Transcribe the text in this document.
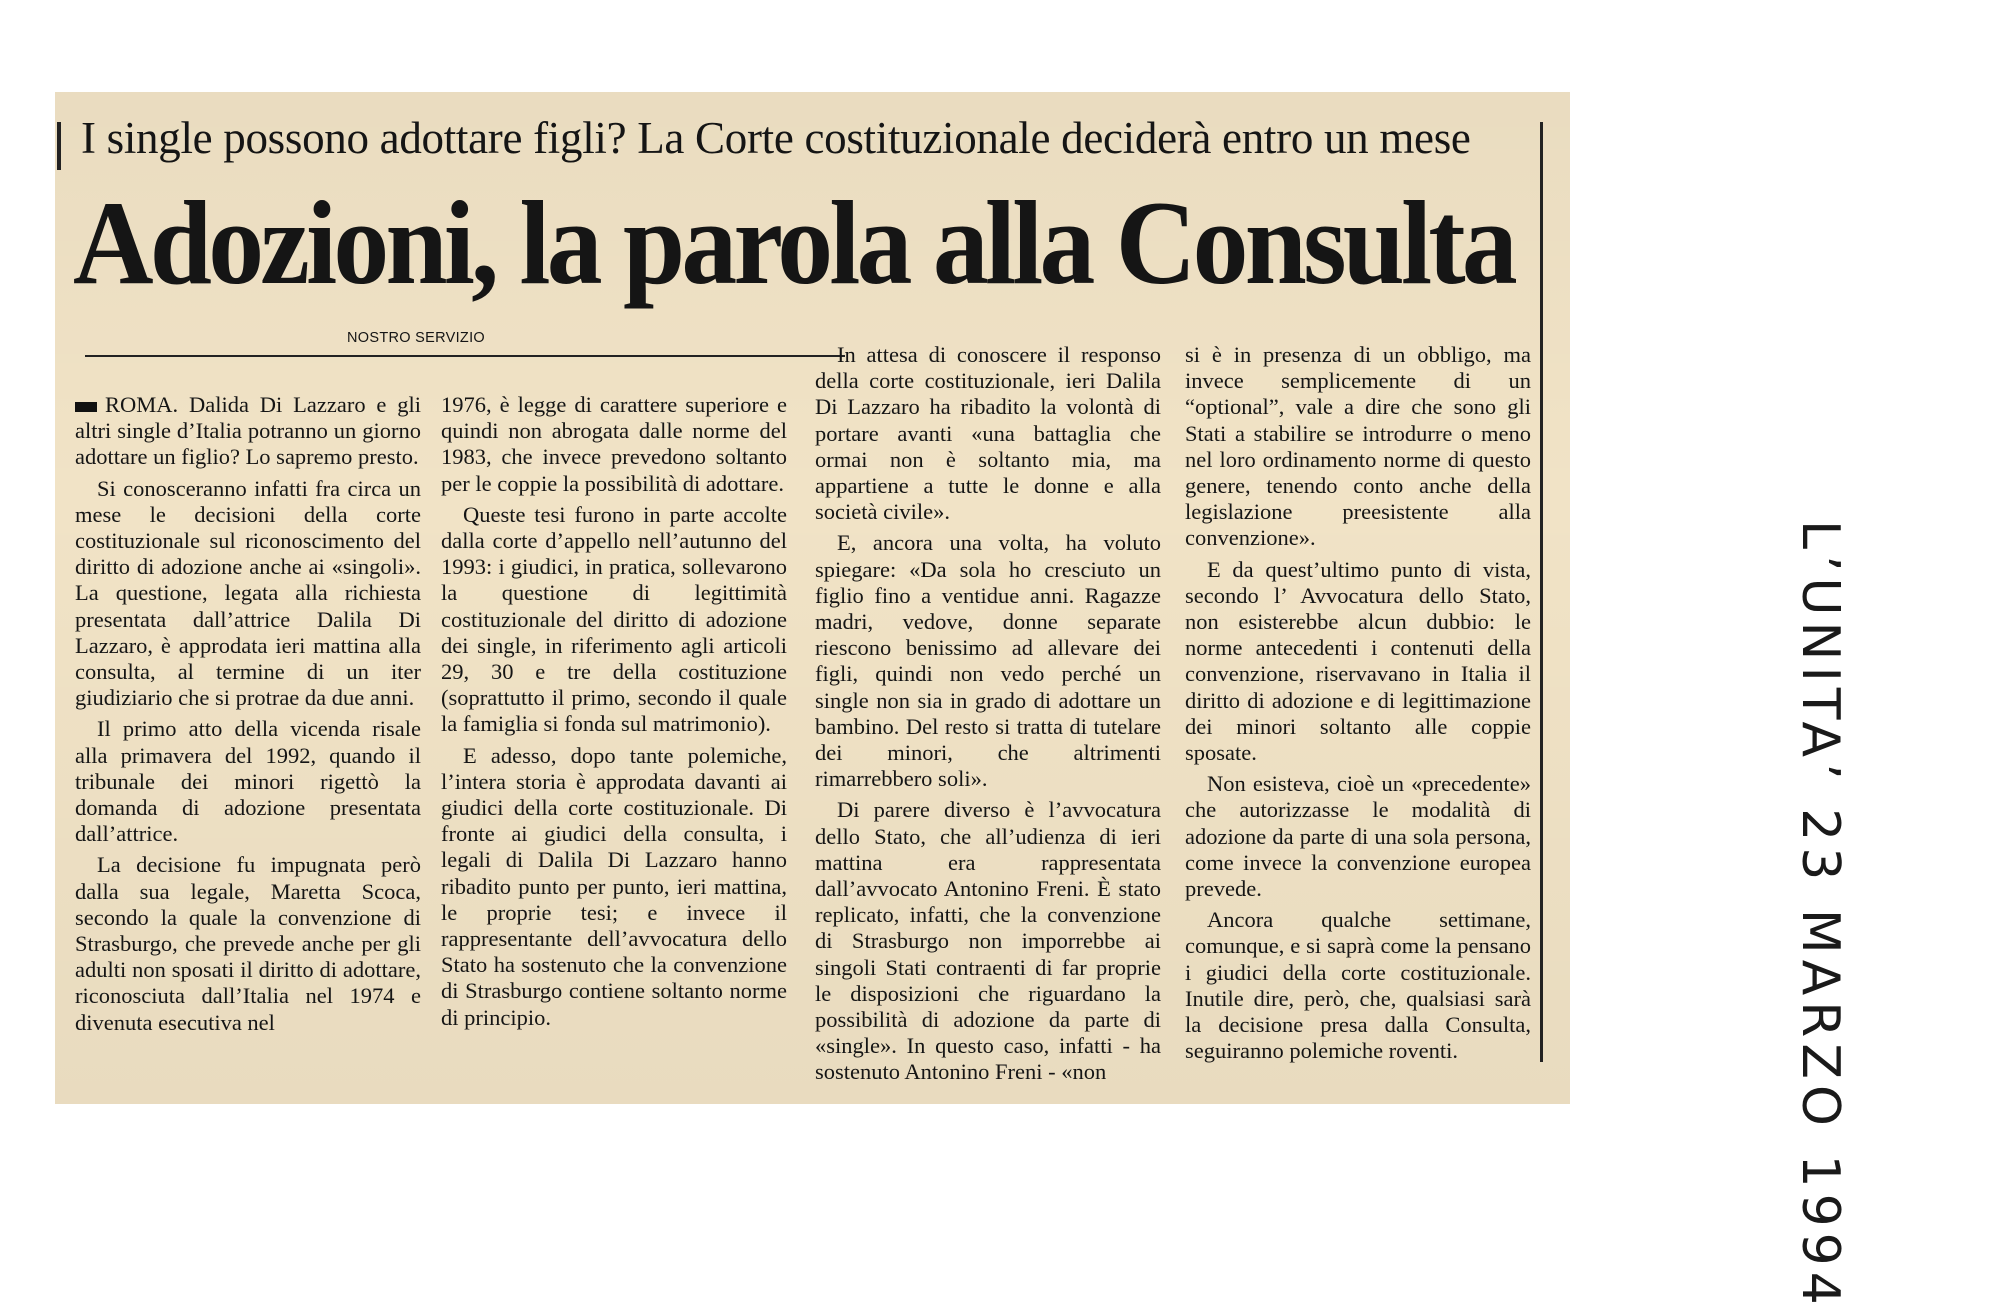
I single possono adottare figli? La Corte costituzionale deciderà entro un mese
Adozioni, la parola alla Consulta
NOSTRO SERVIZIO

ROMA. Dalida Di Lazzaro e gli altri single d’Italia potranno un giorno adottare un figlio? Lo sapremo presto.

Si conosceranno infatti fra circa un mese le decisioni della corte costituzionale sul riconoscimento del diritto di adozione anche ai «singoli». La questione, legata alla richiesta presentata dall’attrice Dalila Di Lazzaro, è approdata ieri mattina alla consulta, al termine di un iter giudiziario che si protrae da due anni.

Il primo atto della vicenda risale alla primavera del 1992, quando il tribunale dei minori rigettò la domanda di adozione presentata dall’attrice.

La decisione fu impugnata però dalla sua legale, Maretta Scoca, secondo la quale la convenzione di Strasburgo, che prevede anche per gli adulti non sposati il diritto di adottare, riconosciuta dall’Italia nel 1974 e divenuta esecutiva nel

1976, è legge di carattere superiore e quindi non abrogata dalle norme del 1983, che invece prevedono soltanto per le coppie la possibilità di adottare.

Queste tesi furono in parte accolte dalla corte d’appello nell’autunno del 1993: i giudici, in pratica, sollevarono la questione di legittimità costituzionale del diritto di adozione dei single, in riferimento agli articoli 29, 30 e tre della costituzione (soprattutto il primo, secondo il quale la famiglia si fonda sul matrimonio).

E adesso, dopo tante polemiche, l’intera storia è approdata davanti ai giudici della corte costituzionale. Di fronte ai giudici della consulta, i legali di Dalila Di Lazzaro hanno ribadito punto per punto, ieri mattina, le proprie tesi; e invece il rappresentante dell’avvocatura dello Stato ha sostenuto che la convenzione di Strasburgo contiene soltanto norme di principio.

In attesa di conoscere il responso della corte costituzionale, ieri Dalila Di Lazzaro ha ribadito la volontà di portare avanti «una battaglia che ormai non è soltanto mia, ma appartiene a tutte le donne e alla società civile».

E, ancora una volta, ha voluto spiegare: «Da sola ho cresciuto un figlio fino a ventidue anni. Ragazze madri, vedove, donne separate riescono benissimo ad allevare dei figli, quindi non vedo perché un single non sia in grado di adottare un bambino. Del resto si tratta di tutelare dei minori, che altrimenti rimarrebbero soli».

Di parere diverso è l’avvocatura dello Stato, che all’udienza di ieri mattina era rappresentata dall’avvocato Antonino Freni. È stato replicato, infatti, che la convenzione di Strasburgo non imporrebbe ai singoli Stati contraenti di far proprie le disposizioni che riguardano la possibilità di adozione da parte di «single». In questo caso, infatti - ha sostenuto Antonino Freni - «non

si è in presenza di un obbligo, ma invece semplicemente di un “optional”, vale a dire che sono gli Stati a stabilire se introdurre o meno nel loro ordinamento norme di questo genere, tenendo conto anche della legislazione preesistente alla convenzione».

E da quest’ultimo punto di vista, secondo l’ Avvocatura dello Stato, non esisterebbe alcun dubbio: le norme antecedenti i contenuti della convenzione, riservavano in Italia il diritto di adozione e di legittimazione dei minori soltanto alle coppie sposate.

Non esisteva, cioè un «precedente» che autorizzasse le modalità di adozione da parte di una sola persona, come invece la convenzione europea prevede.

Ancora qualche settimane, comunque, e si saprà come la pensano i giudici della corte costituzionale. Inutile dire, però, che, qualsiasi sarà la decisione presa dalla Consulta, seguiranno polemiche roventi.	L’UNITA’ 23 MARZO 1994
